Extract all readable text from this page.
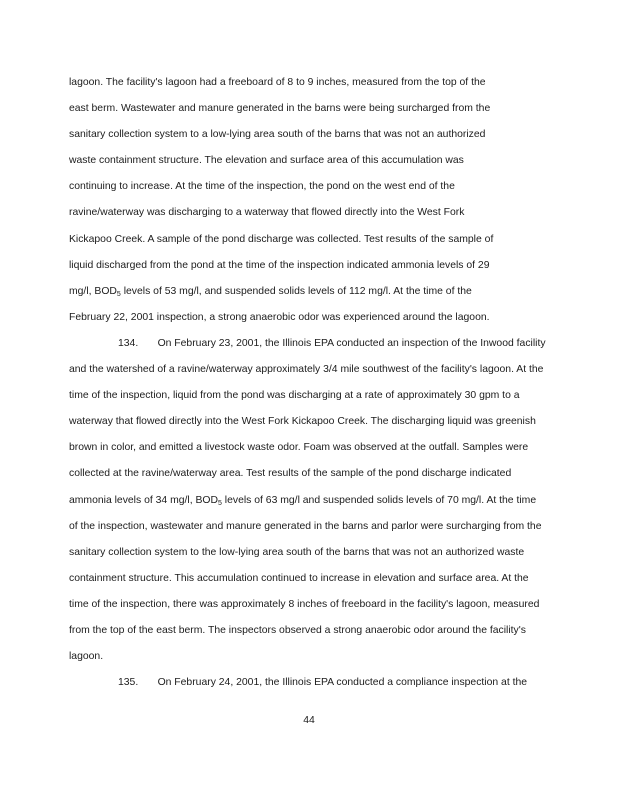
lagoon. The facility's lagoon had a freeboard of 8 to 9 inches, measured from the top of the
east berm. Wastewater and manure generated in the barns were being surcharged from the
sanitary collection system to a low-lying area south of the barns that was not an authorized
waste containment structure. The elevation and surface area of this accumulation was
continuing to increase. At the time of the inspection, the pond on the west end of the
ravine/waterway was discharging to a waterway that flowed directly into the West Fork
Kickapoo Creek. A sample of the pond discharge was collected. Test results of the sample of
liquid discharged from the pond at the time of the inspection indicated ammonia levels of 29
mg/l, $BOD_5$ levels of 53 mg/l, and suspended solids levels of 112 mg/l. At the time of the
February 22, 2001 inspection, a strong anaerobic odor was experienced around the lagoon.

134. On February 23, 2001, the Illinois EPA conducted an inspection of the Inwood facility and the watershed of a ravine/waterway approximately 3/4 mile southwest of the facility's lagoon. At the time of the inspection, liquid from the pond was discharging at a rate of approximately 30 gpm to a waterway that flowed directly into the West Fork Kickapoo Creek. The discharging liquid was greenish brown in color, and emitted a livestock waste odor. Foam was observed at the outfall. Samples were collected at the ravine/waterway area. Test results of the sample of the pond discharge indicated ammonia levels of 34 mg/l, $BOD_5$ levels of 63 mg/l and suspended solids levels of 70 mg/l. At the time of the inspection, wastewater and manure generated in the barns and parlor were surcharging from the sanitary collection system to the low-lying area south of the barns that was not an authorized waste containment structure. This accumulation continued to increase in elevation and surface area. At the time of the inspection, there was approximately 8 inches of freeboard in the facility's lagoon, measured from the top of the east berm. The inspectors observed a strong anaerobic odor around the facility's lagoon.

135. On February 24, 2001, the Illinois EPA conducted a compliance inspection at the

44
